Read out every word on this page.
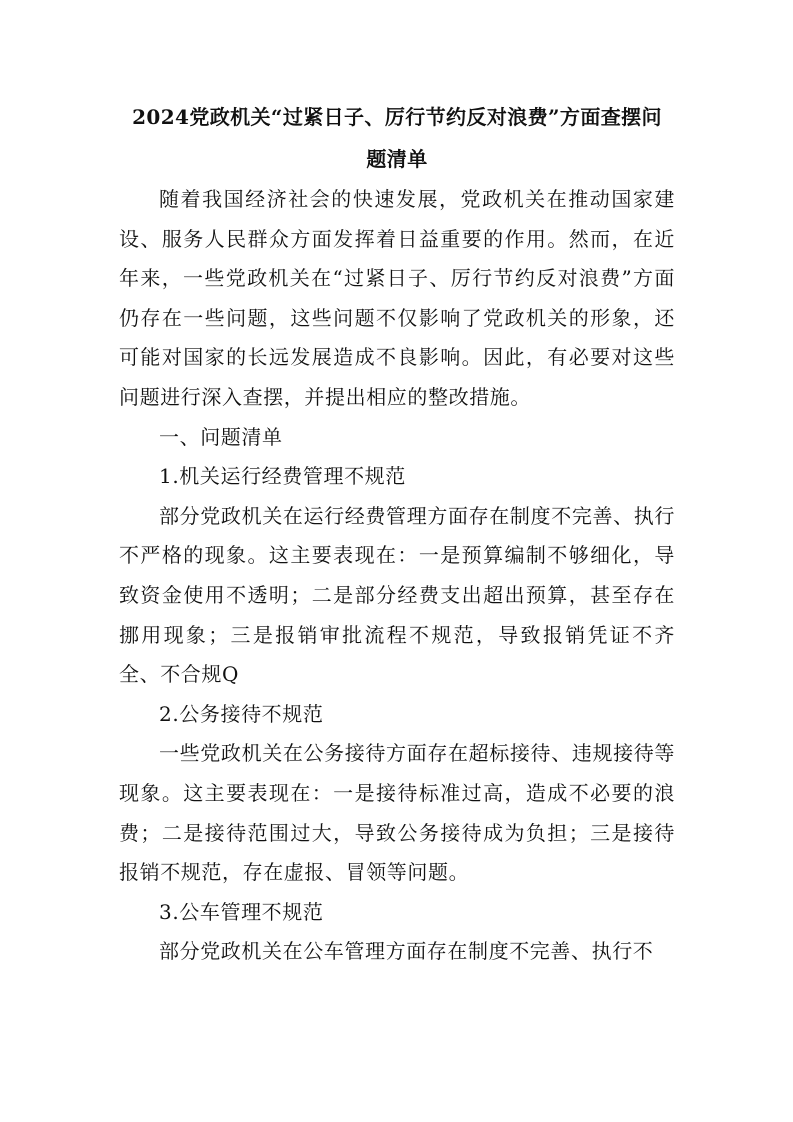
2024党政机关“过紧日子、厉行节约反对浪费”方面查摆问
题清单

随着我国经济社会的快速发展，党政机关在推动国家建设、服务人民群众方面发挥着日益重要的作用。然而，在近年来，一些党政机关在“过紧日子、厉行节约反对浪费”方面仍存在一些问题，这些问题不仅影响了党政机关的形象，还可能对国家的长远发展造成不良影响。因此，有必要对这些问题进行深入查摆，并提出相应的整改措施。

一、问题清单

1.机关运行经费管理不规范

部分党政机关在运行经费管理方面存在制度不完善、执行不严格的现象。这主要表现在：一是预算编制不够细化，导致资金使用不透明；二是部分经费支出超出预算，甚至存在挪用现象；三是报销审批流程不规范，导致报销凭证不齐全、不合规Q

2.公务接待不规范

一些党政机关在公务接待方面存在超标接待、违规接待等现象。这主要表现在：一是接待标准过高，造成不必要的浪费；二是接待范围过大，导致公务接待成为负担；三是接待报销不规范，存在虚报、冒领等问题。

3.公车管理不规范

部分党政机关在公车管理方面存在制度不完善、执行不
